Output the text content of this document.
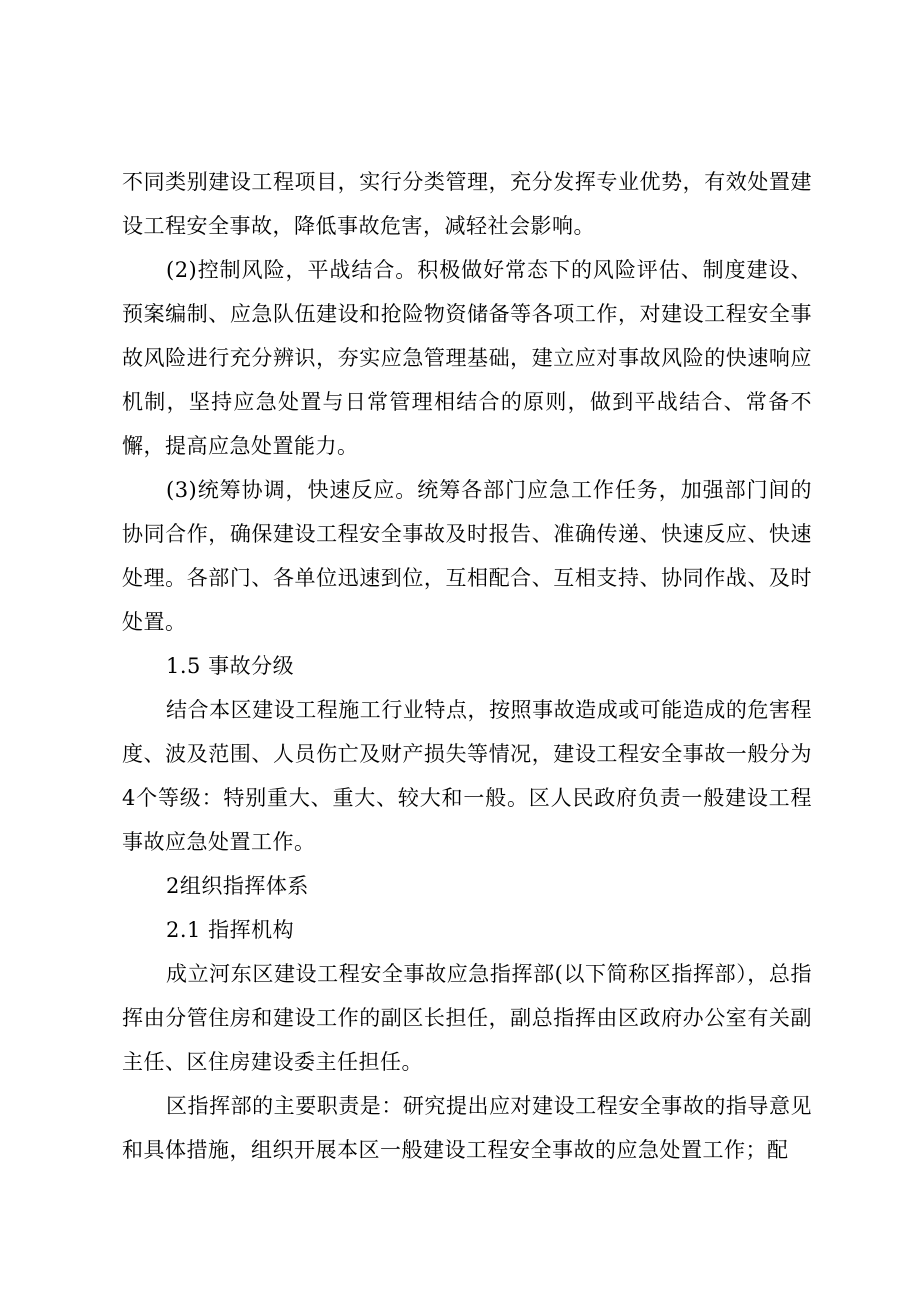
不同类别建设工程项目，实行分类管理，充分发挥专业优势，有效处置建设工程安全事故，降低事故危害，减轻社会影响。

(2)控制风险，平战结合。积极做好常态下的风险评估、制度建设、预案编制、应急队伍建设和抢险物资储备等各项工作，对建设工程安全事故风险进行充分辨识，夯实应急管理基础，建立应对事故风险的快速响应机制，坚持应急处置与日常管理相结合的原则，做到平战结合、常备不懈，提高应急处置能力。

(3)统筹协调，快速反应。统筹各部门应急工作任务，加强部门间的协同合作，确保建设工程安全事故及时报告、准确传递、快速反应、快速处理。各部门、各单位迅速到位，互相配合、互相支持、协同作战、及时处置。

1.5 事故分级

结合本区建设工程施工行业特点，按照事故造成或可能造成的危害程度、波及范围、人员伤亡及财产损失等情况，建设工程安全事故一般分为4个等级：特别重大、重大、较大和一般。区人民政府负责一般建设工程事故应急处置工作。

2组织指挥体系

2.1 指挥机构

成立河东区建设工程安全事故应急指挥部(以下简称区指挥部），总指挥由分管住房和建设工作的副区长担任，副总指挥由区政府办公室有关副主任、区住房建设委主任担任。

区指挥部的主要职责是：研究提出应对建设工程安全事故的指导意见和具体措施，组织开展本区一般建设工程安全事故的应急处置工作；配
